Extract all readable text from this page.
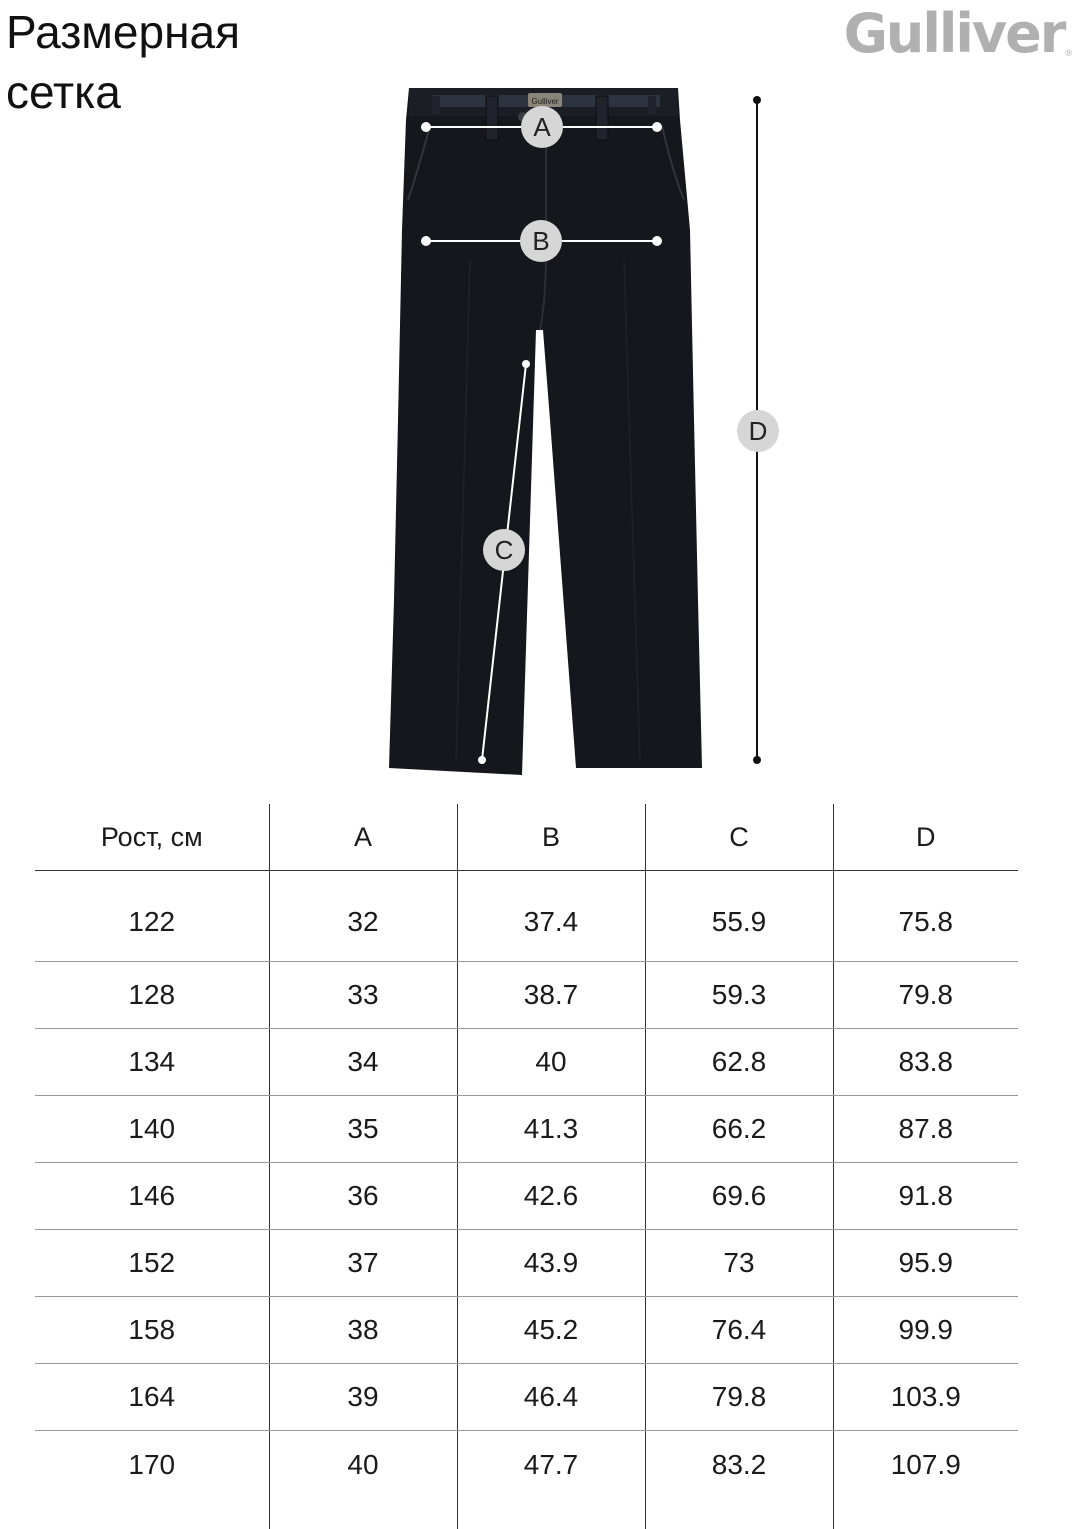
Размерная
сетка
Gulliver ®
Gulliver
A
B
C
D
Рост, см	A	B	C	D
122	32	37.4	55.9	75.8
128	33	38.7	59.3	79.8
134	34	40	62.8	83.8
140	35	41.3	66.2	87.8
146	36	42.6	69.6	91.8
152	37	43.9	73	95.9
158	38	45.2	76.4	99.9
164	39	46.4	79.8	103.9
170	40	47.7	83.2	107.9
